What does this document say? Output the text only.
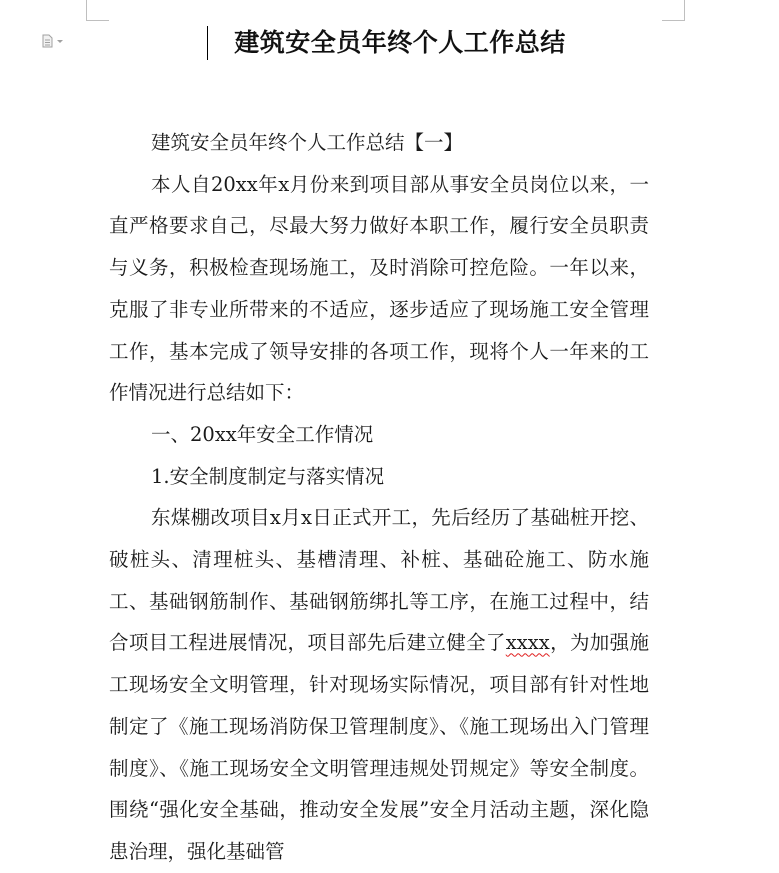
建筑安全员年终个人工作总结

建筑安全员年终个人工作总结【一】

本人自20xx年x月份来到项目部从事安全员岗位以来，一直严格要求自己，尽最大努力做好本职工作，履行安全员职责与义务，积极检查现场施工，及时消除可控危险。一年以来，克服了非专业所带来的不适应，逐步适应了现场施工安全管理工作，基本完成了领导安排的各项工作，现将个人一年来的工作情况进行总结如下：

一、20xx年安全工作情况

1.安全制度制定与落实情况

东煤棚改项目x月x日正式开工，先后经历了基础桩开挖、破桩头、清理桩头、基槽清理、补桩、基础砼施工、防水施工、基础钢筋制作、基础钢筋绑扎等工序，在施工过程中，结合项目工程进展情况，项目部先后建立健全了xxxx，为加强施工现场安全文明管理，针对现场实际情况，项目部有针对性地制定了《施工现场消防保卫管理制度》、《施工现场出入门管理制度》、《施工现场安全文明管理违规处罚规定》等安全制度。围绕“强化安全基础，推动安全发展”安全月活动主题，深化隐患治理，强化基础管
